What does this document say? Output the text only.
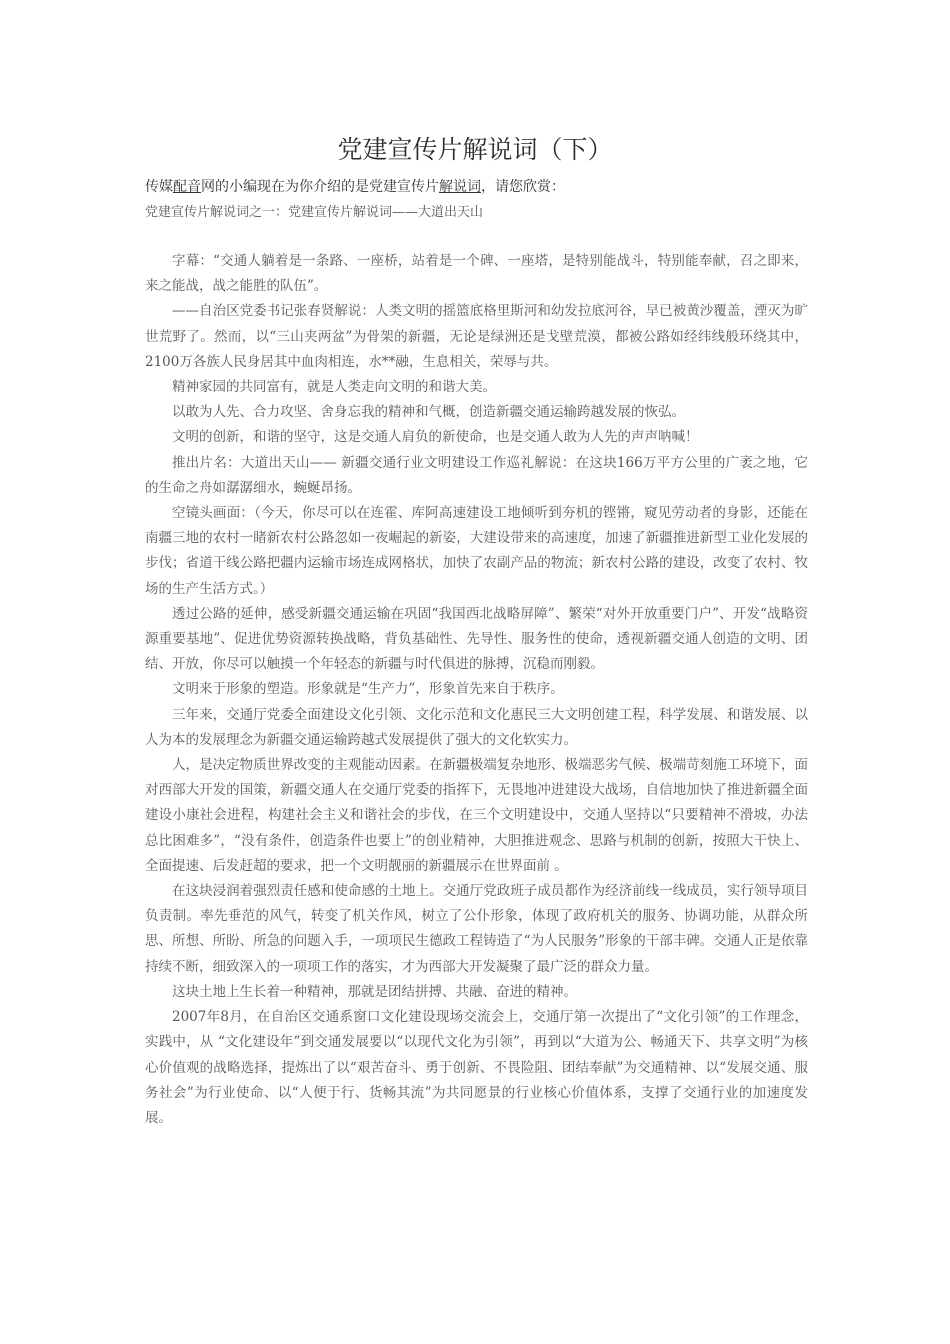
党建宣传片解说词（下）
传媒配音网的小编现在为你介绍的是党建宣传片解说词，请您欣赏：
党建宣传片解说词之一：党建宣传片解说词——大道出天山

字幕：“交通人躺着是一条路、一座桥，站着是一个碑、一座塔，是特别能战斗，特别能奉献，召之即来，来之能战，战之能胜的队伍”。

——自治区党委书记张春贤解说：人类文明的摇篮底格里斯河和幼发拉底河谷，早已被黄沙覆盖，湮灭为旷世荒野了。然而，以“三山夹两盆”为骨架的新疆，无论是绿洲还是戈壁荒漠，都被公路如经纬线般环绕其中，2100万各族人民身居其中血肉相连，水**融，生息相关，荣辱与共。

精神家园的共同富有，就是人类走向文明的和谐大美。

以敢为人先、合力攻坚、舍身忘我的精神和气概，创造新疆交通运输跨越发展的恢弘。

文明的创新，和谐的坚守，这是交通人肩负的新使命，也是交通人敢为人先的声声呐喊！

推出片名：大道出天山—— 新疆交通行业文明建设工作巡礼解说：在这块166万平方公里的广袤之地，它的生命之舟如潺潺细水，蜿蜒昂扬。

空镜头画面：（今天，你尽可以在连霍、库阿高速建设工地倾听到夯机的铿锵，窥见劳动者的身影，还能在南疆三地的农村一睹新农村公路忽如一夜崛起的新姿，大建设带来的高速度，加速了新疆推进新型工业化发展的步伐；省道干线公路把疆内运输市场连成网格状，加快了农副产品的物流；新农村公路的建设，改变了农村、牧场的生产生活方式。）

透过公路的延伸，感受新疆交通运输在巩固“我国西北战略屏障”、繁荣“对外开放重要门户”、开发“战略资源重要基地”、促进优势资源转换战略，背负基础性、先导性、服务性的使命，透视新疆交通人创造的文明、团结、开放，你尽可以触摸一个年轻态的新疆与时代俱进的脉搏，沉稳而刚毅。

文明来于形象的塑造。形象就是“生产力”，形象首先来自于秩序。

三年来，交通厅党委全面建设文化引领、文化示范和文化惠民三大文明创建工程，科学发展、和谐发展、以人为本的发展理念为新疆交通运输跨越式发展提供了强大的文化软实力。

人，是决定物质世界改变的主观能动因素。在新疆极端复杂地形、极端恶劣气候、极端苛刻施工环境下，面对西部大开发的国策，新疆交通人在交通厅党委的指挥下，无畏地冲进建设大战场，自信地加快了推进新疆全面建设小康社会进程，构建社会主义和谐社会的步伐，在三个文明建设中，交通人坚持以“只要精神不滑坡，办法总比困难多”，“没有条件，创造条件也要上”的创业精神，大胆推进观念、思路与机制的创新，按照大干快上、全面提速、后发赶超的要求，把一个文明靓丽的新疆展示在世界面前 。

在这块浸润着强烈责任感和使命感的土地上。交通厅党政班子成员都作为经济前线一线成员，实行领导项目负责制。率先垂范的风气，转变了机关作风，树立了公仆形象，体现了政府机关的服务、协调功能，从群众所思、所想、所盼、所急的问题入手，一项项民生德政工程铸造了“为人民服务”形象的干部丰碑。交通人正是依靠持续不断，细致深入的一项项工作的落实，才为西部大开发凝聚了最广泛的群众力量。

这块土地上生长着一种精神，那就是团结拼搏、共融、奋进的精神。

2007年8月，在自治区交通系窗口文化建设现场交流会上，交通厅第一次提出了“文化引领”的工作理念，实践中，从 “文化建设年”到交通发展要以“以现代文化为引领”，再到以“大道为公、畅通天下、共享文明”为核心价值观的战略选择，提炼出了以“艰苦奋斗、勇于创新、不畏险阻、团结奉献”为交通精神、以“发展交通、服务社会”为行业使命、以“人便于行、货畅其流”为共同愿景的行业核心价值体系，支撑了交通行业的加速度发展。
